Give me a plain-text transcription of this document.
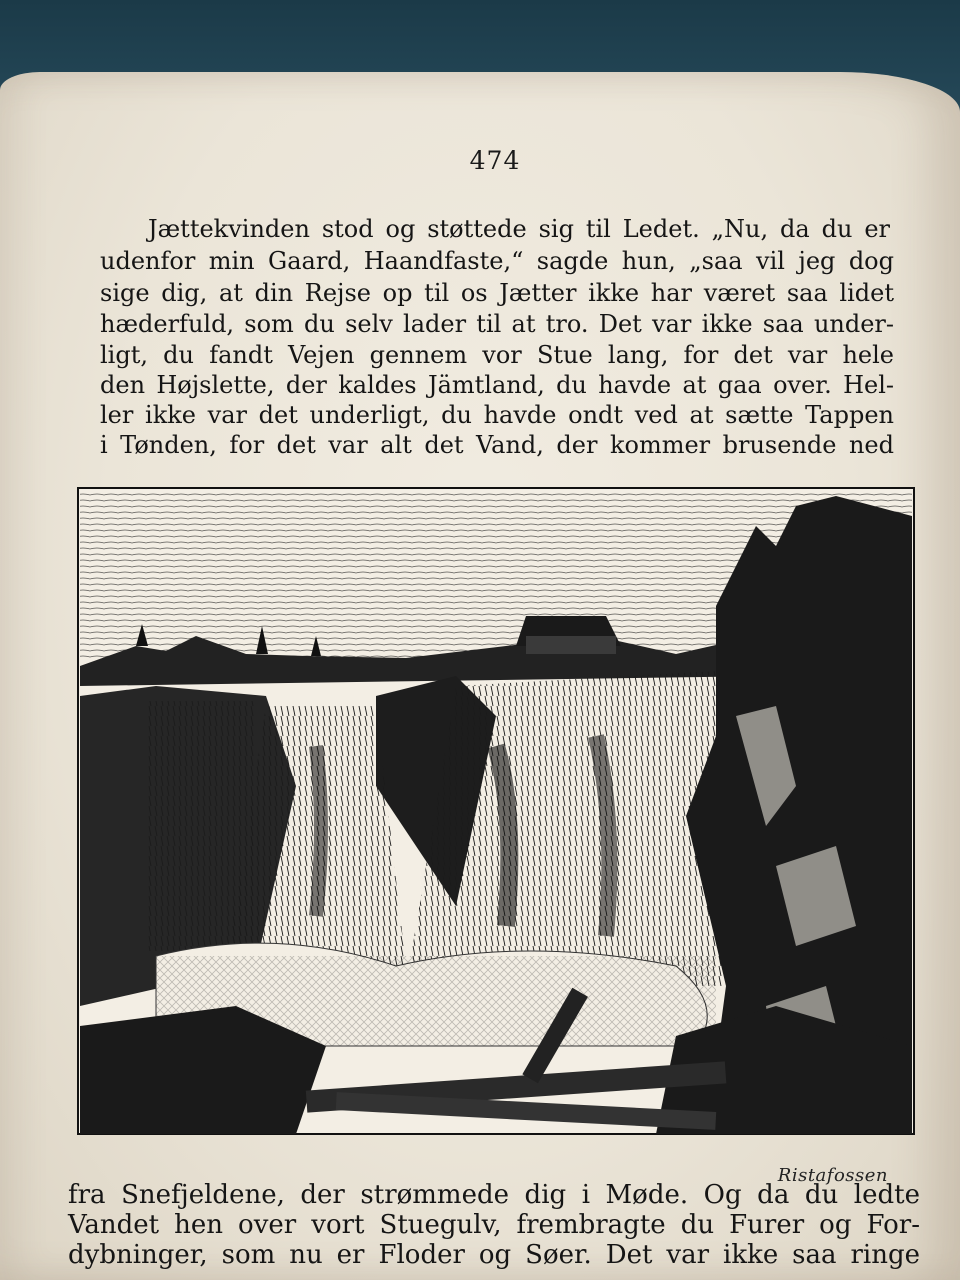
474
Jættekvinden stod og støttede sig til Ledet. „Nu, da du er
udenfor min Gaard, Haandfaste,“ sagde hun, „saa vil jeg dog
sige dig, at din Rejse op til os Jætter ikke har været saa lidet
hæderfuld, som du selv lader til at tro. Det var ikke saa under-
ligt, du fandt Vejen gennem vor Stue lang, for det var hele
den Højslette, der kaldes Jämtland, du havde at gaa over. Hel-
ler ikke var det underligt, du havde ondt ved at sætte Tappen
i Tønden, for det var alt det Vand, der kommer brusende ned
Ristafossen
fra Snefjeldene, der strømmede dig i Møde. Og da du ledte
Vandet hen over vort Stuegulv, frembragte du Furer og For-
dybninger, som nu er Floder og Søer. Det var ikke saa ringe
